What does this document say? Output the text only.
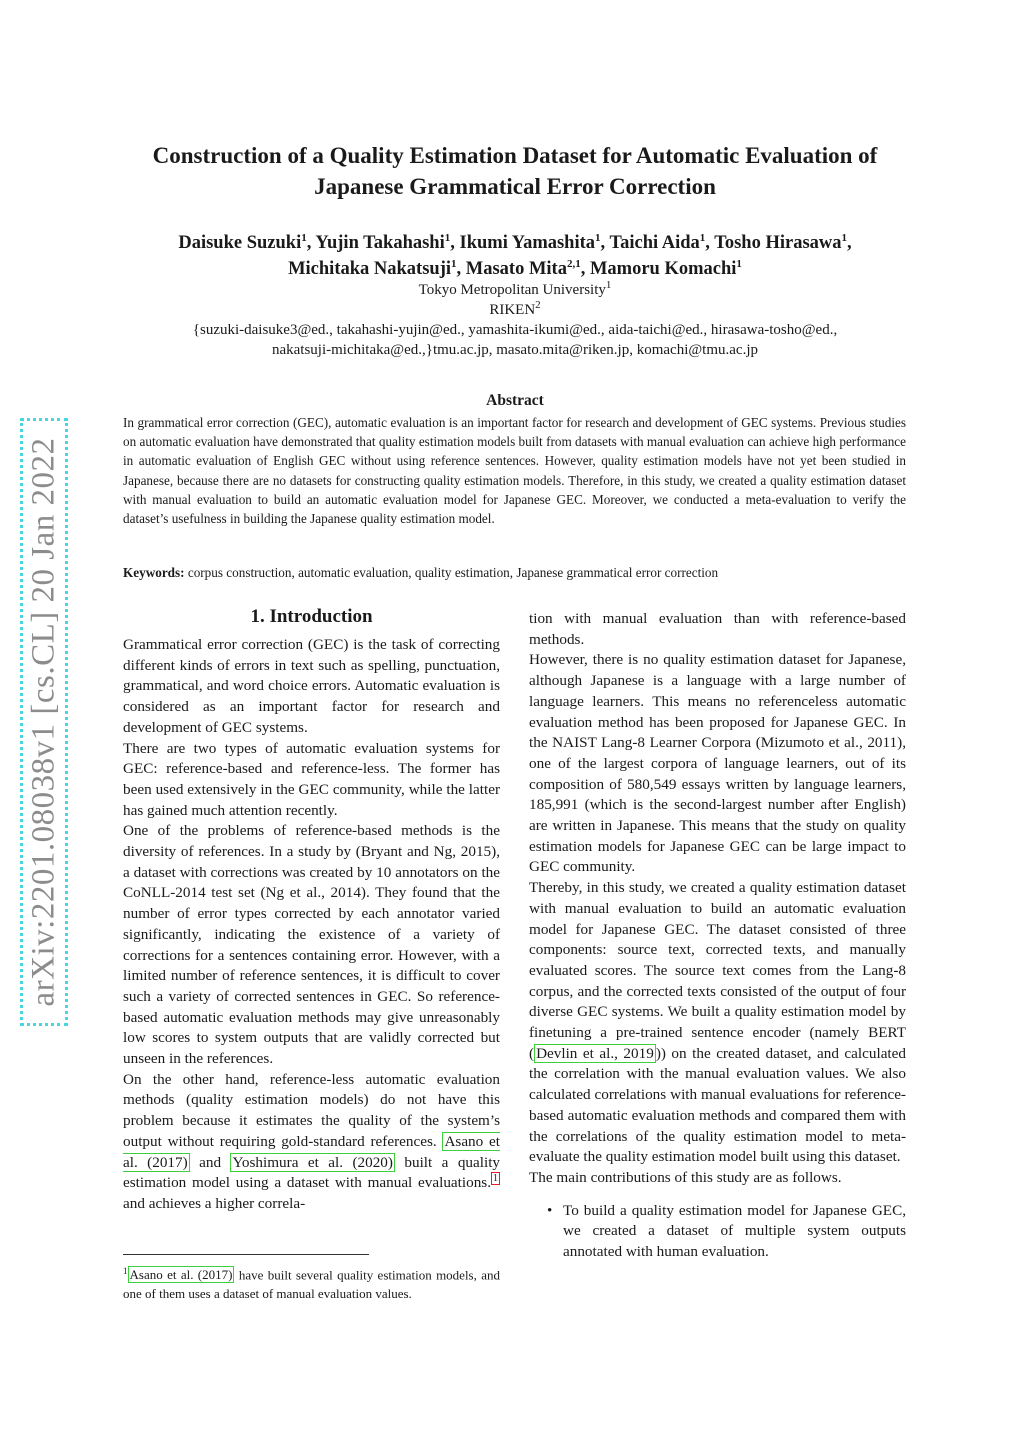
arXiv:2201.08038v1 [cs.CL] 20 Jan 2022
Construction of a Quality Estimation Dataset for Automatic Evaluation of Japanese Grammatical Error Correction
Daisuke Suzuki$^1$, Yujin Takahashi$^1$, Ikumi Yamashita$^1$, Taichi Aida$^1$, Tosho Hirasawa$^1$,
Michitaka Nakatsuji$^1$, Masato Mita$^{2,1}$, Mamoru Komachi$^1$
Tokyo Metropolitan University$^1$
RIKEN$^2$
{suzuki-daisuke3@ed., takahashi-yujin@ed., yamashita-ikumi@ed., aida-taichi@ed., hirasawa-tosho@ed.,
nakatsuji-michitaka@ed.,}tmu.ac.jp, masato.mita@riken.jp, komachi@tmu.ac.jp
Abstract

In grammatical error correction (GEC), automatic evaluation is an important factor for research and development of GEC systems. Previous studies on automatic evaluation have demonstrated that quality estimation models built from datasets with manual evaluation can achieve high performance in automatic evaluation of English GEC without using reference sentences. However, quality estimation models have not yet been studied in Japanese, because there are no datasets for constructing quality estimation models. Therefore, in this study, we created a quality estimation dataset with manual evaluation to build an automatic evaluation model for Japanese GEC. Moreover, we conducted a meta-evaluation to verify the dataset’s usefulness in building the Japanese quality estimation model.

Keywords: corpus construction, automatic evaluation, quality estimation, Japanese grammatical error correction

1. Introduction

Grammatical error correction (GEC) is the task of correcting different kinds of errors in text such as spelling, punctuation, grammatical, and word choice errors. Automatic evaluation is considered as an important factor for research and development of GEC systems.

There are two types of automatic evaluation systems for GEC: reference-based and reference-less. The former has been used extensively in the GEC community, while the latter has gained much attention recently.

One of the problems of reference-based methods is the diversity of references. In a study by (Bryant and Ng, 2015), a dataset with corrections was created by 10 annotators on the CoNLL-2014 test set (Ng et al., 2014). They found that the number of error types corrected by each annotator varied significantly, indicating the existence of a variety of corrections for a sentences containing error. However, with a limited number of reference sentences, it is difficult to cover such a variety of corrected sentences in GEC. So reference-based automatic evaluation methods may give unreasonably low scores to system outputs that are validly corrected but unseen in the references.

On the other hand, reference-less automatic evaluation methods (quality estimation models) do not have this problem because it estimates the quality of the system’s output without requiring gold-standard references. Asano et al. (2017) and Yoshimura et al. (2020) built a quality estimation model using a dataset with manual evaluations. $^1$ and achieves a higher correla-

tion with manual evaluation than with reference-based methods.

However, there is no quality estimation dataset for Japanese, although Japanese is a language with a large number of language learners. This means no referenceless automatic evaluation method has been proposed for Japanese GEC. In the NAIST Lang-8 Learner Corpora (Mizumoto et al., 2011), one of the largest corpora of language learners, out of its composition of 580,549 essays written by language learners, 185,991 (which is the second-largest number after English) are written in Japanese. This means that the study on quality estimation models for Japanese GEC can be large impact to GEC community.

Thereby, in this study, we created a quality estimation dataset with manual evaluation to build an automatic evaluation model for Japanese GEC. The dataset consisted of three components: source text, corrected texts, and manually evaluated scores. The source text comes from the Lang-8 corpus, and the corrected texts consisted of the output of four diverse GEC systems. We built a quality estimation model by finetuning a pre-trained sentence encoder (namely BERT ( Devlin et al., 2019 )) on the created dataset, and calculated the correlation with the manual evaluation values. We also calculated correlations with manual evaluations for reference-based automatic evaluation methods and compared them with the correlations of the quality estimation model to meta-evaluate the quality estimation model built using this dataset.

The main contributions of this study are as follows.

• To build a quality estimation model for Japanese GEC, we created a dataset of multiple system outputs annotated with human evaluation.

$^1$ Asano et al. (2017) have built several quality estimation models, and one of them uses a dataset of manual evaluation values.
